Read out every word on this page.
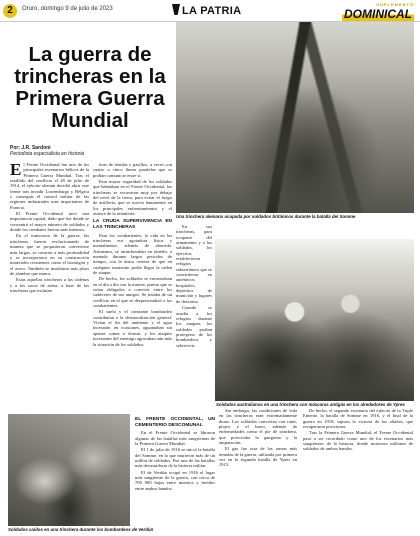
2	Oruro, domingo 9 de julio de 2023	LA PATRIA
SUPLEMENTO
DOMINICAL
La guerra de trincheras en la Primera Guerra Mundial
Por: J.R. Sardoni
Periodista especialista en historia

El Frente Occidental fue uno de los principales escenarios bélicos de la Primera Guerra Mundial. Tras el estallido del conflicto el 28 de julio de 1914, el ejército alemán decidió abrir este frente tras invadir Luxemburgo y Bélgica y conseguir el control militar de las regiones industriales más importantes de Francia.

El Frente Occidental tuvo una importancia capital, dado que fue donde se concentró el mayor número de soldados y donde los combates fueron más intensos.

En el transcurso de la guerra, las trincheras fueron evolucionando de manera que se propusieron convertirse más largas, se cavaron a más profundidad y se incorporaron en su construcción materiales resistentes como el hormigón y el acero. También se instalaron más pisos de alambre que nunca.

Estas aquellas trincheras a las cadenas y a los sacos de arena, a base de las trincheras que incluían

tiras de tiendas y pasillos, a veces con cuatro o cinco líneas paralelas que se podían comunicar entre sí.

Para mayor seguridad de los soldados que habitaban en el Frente Occidental, las trincheras se excavaron muy por debajo del nivel de la tierra, para evitar el fuego de artillería, que se movía lentamente en los principales enfrentamientos y el avance de la infantería.

LA CRUDA SUPERVIVENCIA EN LAS TRINCHERAS

Para los combatientes, la vida en las trincheras era agotadora física y mentalmente, además de aburrida. Asimismo, se atrincheraban en túneles, a menudo durante largos periodos de tiempo, con la única certeza de que en cualquier momento podía llegar la orden de ataque.

De hecho, los soldados se encontraban en el día a día con la muerte, puesto que se veían obligados a convivir entre los cadáveres de sus amigos. Se trataba de un conflicto en el que se despersonalizó a los combatientes.

El suelo y el constante bombardeo contribuían a la desmoralización general. Vivían el fin del ambiente y el agua incesante, en ocasiones, aguantaban sin apenas comer o dormir, y los ataques incesantes del enemigo agravaban aún más la situación de los soldados.

EL FRENTE OCCIDENTAL, UN CEMENTERIO DESCOMUNAL

En el Frente Occidental se libraron algunas de las batallas más sangrientas de la Primera Guerra Mundial.

El 1 de julio de 1916 se inició la batalla del Somme, en la que murieron más de un millón de soldados. Fue una de las batallas más devastadoras de la historia militar.

El de Verdún ocupó en 1916 el lugar más sangriento de la guerra, con cerca de 700 000 bajas entre muertos y heridos entre ambos bandos.

En sus trincheras, para ocuparse del armamento y a los soldados, los ejércitos establecieron refugios subterráneos que se convirtieron en auténticos hospitales, depósitos de munición y lugares de descanso.

Cuando se acudía a los refugios durante los ataques, los soldados podían protegerse de los bombardeos y sobrevivir.

Sin embargo, las condiciones de vida en las trincheras eran extremadamente duras. Los soldados convivían con ratas, piojos y el barro, además de enfermedades como el pie de trinchera, que provocaba la gangrena y la amputación.

El gas fue otra de las armas más temidas de la guerra, utilizada por primera vez en la segunda batalla de Ypres en 1915.

De hecho, el segundo escenario del ejército de la Triple Entente, la batalla de Somme en 1916, y el final de la guerra en 1918, supuso la victoria de los aliados, que recuperaron posiciones.

Tras la Primera Guerra Mundial, el Frente Occidental pasó a ser recordado como uno de los escenarios más sangrientos de la historia, donde murieron millones de soldados de ambos bandos.

Una trinchera alemana ocupada por soldados británicos durante la batalla del Somme
Soldados australianos en una trinchera con máscaras antigás en los alrededores de Ypres
Soldados caídos en una trinchera durante los bombardeos de Verdún
